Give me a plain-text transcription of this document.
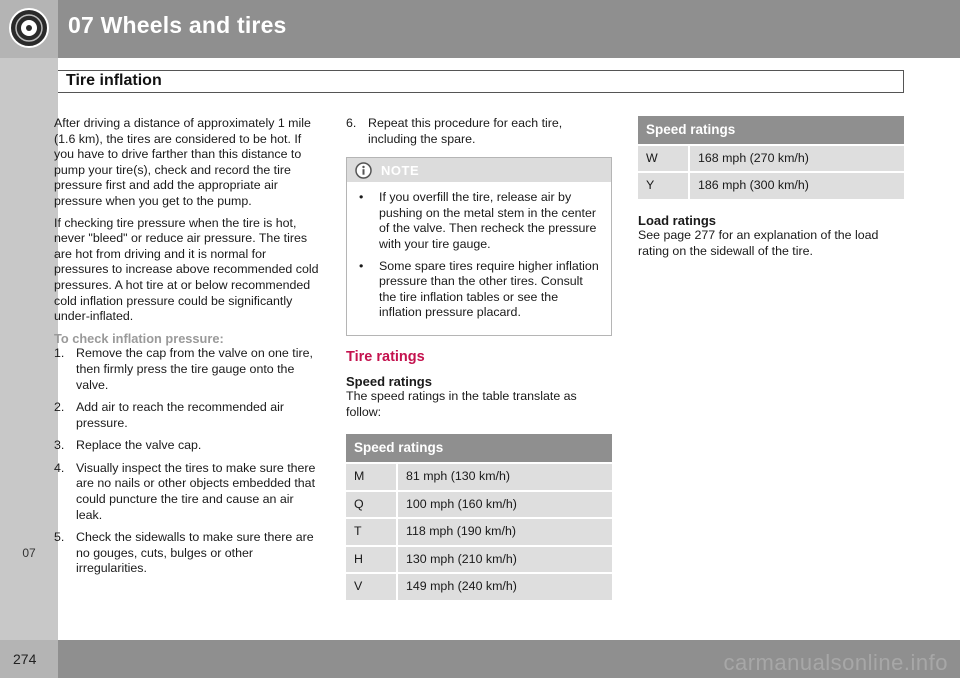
07 Wheels and tires
07
Tire inflation

After driving a distance of approximately 1 mile (1.6 km), the tires are considered to be hot. If you have to drive farther than this distance to pump your tire(s), check and record the tire pressure first and add the appropriate air pressure when you get to the pump.

If checking tire pressure when the tire is hot, never "bleed" or reduce air pressure. The tires are hot from driving and it is normal for pressures to increase above recommended cold pressures. A hot tire at or below recommended cold inflation pressure could be significantly under-inflated.

To check inflation pressure:
1. Remove the cap from the valve on one tire, then firmly press the tire gauge onto the valve.
2. Add air to reach the recommended air pressure.
3. Replace the valve cap.
4. Visually inspect the tires to make sure there are no nails or other objects embedded that could puncture the tire and cause an air leak.
5. Check the sidewalls to make sure there are no gouges, cuts, bulges or other irregularities.
6. Repeat this procedure for each tire, including the spare.
NOTE
• If you overfill the tire, release air by pushing on the metal stem in the center of the valve. Then recheck the pressure with your tire gauge.
• Some spare tires require higher inflation pressure than the other tires. Consult the tire inflation tables or see the inflation pressure placard.
Tire ratings
Speed ratings

The speed ratings in the table translate as follow:

Speed ratings	
M	81 mph (130 km/h)
Q	100 mph (160 km/h)
T	118 mph (190 km/h)
H	130 mph (210 km/h)
V	149 mph (240 km/h)
Speed ratings	
W	168 mph (270 km/h)
Y	186 mph (300 km/h)
Load ratings

See page 277 for an explanation of the load rating on the sidewall of the tire.

274	carmanualsonline.info
